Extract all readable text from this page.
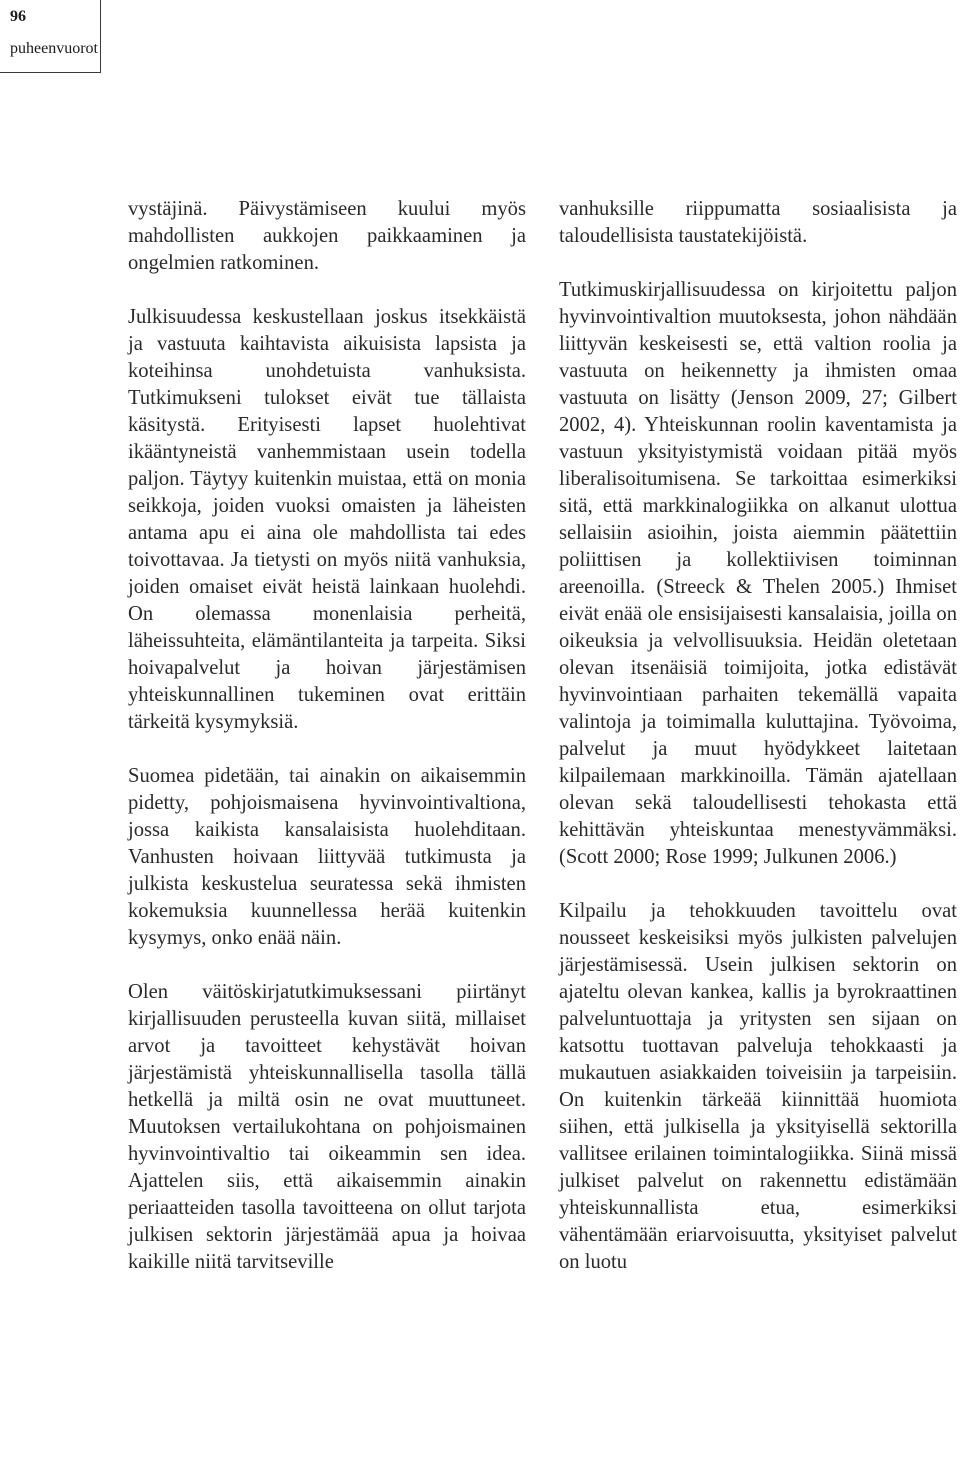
96
puheenvuorot

vystäjinä. Päivystämiseen kuului myös mahdollisten aukkojen paikkaaminen ja ongelmien ratkominen.

Julkisuudessa keskustellaan joskus itsekkäistä ja vastuuta kaihtavista aikuisista lapsista ja koteihinsa unohdetuista vanhuksista. Tutkimukseni tulokset eivät tue tällaista käsitystä. Erityisesti lapset huolehtivat ikääntyneistä vanhemmistaan usein todella paljon. Täytyy kuitenkin muistaa, että on monia seikkoja, joiden vuoksi omaisten ja läheisten antama apu ei aina ole mahdollista tai edes toivottavaa. Ja tietysti on myös niitä vanhuksia, joiden omaiset eivät heistä lainkaan huolehdi. On olemassa monenlaisia perheitä, läheissuhteita, elämäntilanteita ja tarpeita. Siksi hoivapalvelut ja hoivan järjestämisen yhteiskunnallinen tukeminen ovat erittäin tärkeitä kysymyksiä.

Suomea pidetään, tai ainakin on aikaisemmin pidetty, pohjoismaisena hyvinvointivaltiona, jossa kaikista kansalaisista huolehditaan. Vanhusten hoivaan liittyvää tutkimusta ja julkista keskustelua seuratessa sekä ihmisten kokemuksia kuunnellessa herää kuitenkin kysymys, onko enää näin.

Olen väitöskirjatutkimuksessani piirtänyt kirjallisuuden perusteella kuvan siitä, millaiset arvot ja tavoitteet kehystävät hoivan järjestämistä yhteiskunnallisella tasolla tällä hetkellä ja miltä osin ne ovat muuttuneet. Muutoksen vertailukohtana on pohjoismainen hyvinvointivaltio tai oikeammin sen idea. Ajattelen siis, että aikaisemmin ainakin periaatteiden tasolla tavoitteena on ollut tarjota julkisen sektorin järjestämää apua ja hoivaa kaikille niitä tarvitseville

vanhuksille riippumatta sosiaalisista ja taloudellisista taustatekijöistä.

Tutkimuskirjallisuudessa on kirjoitettu paljon hyvinvointivaltion muutoksesta, johon nähdään liittyvän keskeisesti se, että valtion roolia ja vastuuta on heikennetty ja ihmisten omaa vastuuta on lisätty (Jenson 2009, 27; Gilbert 2002, 4). Yhteiskunnan roolin kaventamista ja vastuun yksityistymistä voidaan pitää myös liberalisoitumisena. Se tarkoittaa esimerkiksi sitä, että markkinalogiikka on alkanut ulottua sellaisiin asioihin, joista aiemmin päätettiin poliittisen ja kollektiivisen toiminnan areenoilla. (Streeck & Thelen 2005.) Ihmiset eivät enää ole ensisijaisesti kansalaisia, joilla on oikeuksia ja velvollisuuksia. Heidän oletetaan olevan itsenäisiä toimijoita, jotka edistävät hyvinvointiaan parhaiten tekemällä vapaita valintoja ja toimimalla kuluttajina. Työvoima, palvelut ja muut hyödykkeet laitetaan kilpailemaan markkinoilla. Tämän ajatellaan olevan sekä taloudellisesti tehokasta että kehittävän yhteiskuntaa menestyvämmäksi. (Scott 2000; Rose 1999; Julkunen 2006.)

Kilpailu ja tehokkuuden tavoittelu ovat nousseet keskeisiksi myös julkisten palvelujen järjestämisessä. Usein julkisen sektorin on ajateltu olevan kankea, kallis ja byrokraattinen palveluntuottaja ja yritysten sen sijaan on katsottu tuottavan palveluja tehokkaasti ja mukautuen asiakkaiden toiveisiin ja tarpeisiin. On kuitenkin tärkeää kiinnittää huomiota siihen, että julkisella ja yksityisellä sektorilla vallitsee erilainen toimintalogiikka. Siinä missä julkiset palvelut on rakennettu edistämään yhteiskunnallista etua, esimerkiksi vähentämään eriarvoisuutta, yksityiset palvelut on luotu
